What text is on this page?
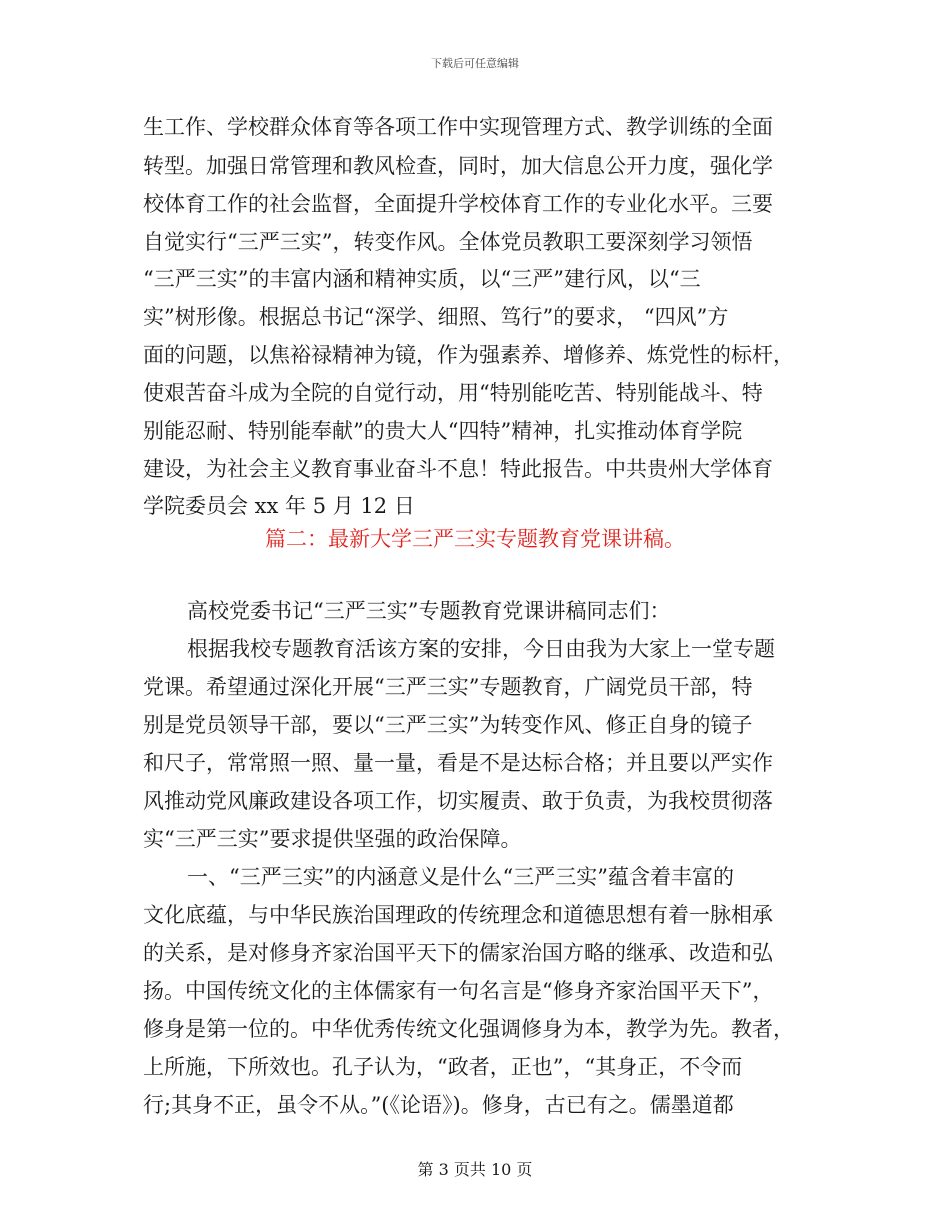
下载后可任意编辑
生工作、学校群众体育等各项工作中实现管理方式、教学训练的全面
转型。加强日常管理和教风检查，同时，加大信息公开力度，强化学
校体育工作的社会监督，全面提升学校体育工作的专业化水平。三要
自觉实行“三严三实”，转变作风。全体党员教职工要深刻学习领悟
“三严三实”的丰富内涵和精神实质，以“三严”建行风，以“三
实”树形像。根据总书记“深学、细照、笃行”的要求， “四风”方
面的问题，以焦裕禄精神为镜，作为强素养、增修养、炼党性的标杆，
使艰苦奋斗成为全院的自觉行动，用“特别能吃苦、特别能战斗、特
别能忍耐、特别能奉献”的贵大人“四特”精神，扎实推动体育学院
建设，为社会主义教育事业奋斗不息！特此报告。中共贵州大学体育
学院委员会 xx 年 5 月 12 日
篇二：最新大学三严三实专题教育党课讲稿。
高校党委书记“三严三实”专题教育党课讲稿同志们：
根据我校专题教育活该方案的安排，今日由我为大家上一堂专题
党课。希望通过深化开展“三严三实”专题教育，广阔党员干部，特
别是党员领导干部，要以“三严三实”为转变作风、修正自身的镜子
和尺子，常常照一照、量一量，看是不是达标合格；并且要以严实作
风推动党风廉政建设各项工作，切实履责、敢于负责，为我校贯彻落
实“三严三实”要求提供坚强的政治保障。
一、“三严三实”的内涵意义是什么“三严三实”蕴含着丰富的
文化底蕴，与中华民族治国理政的传统理念和道德思想有着一脉相承
的关系，是对修身齐家治国平天下的儒家治国方略的继承、改造和弘
扬。中国传统文化的主体儒家有一句名言是“修身齐家治国平天下”，
修身是第一位的。中华优秀传统文化强调修身为本，教学为先。教者，
上所施，下所效也。孔子认为，“政者，正也”，“其身正，不令而
行;其身不正，虽令不从。”(《论语》)。修身，古已有之。儒墨道都
第 3 页共 10 页
